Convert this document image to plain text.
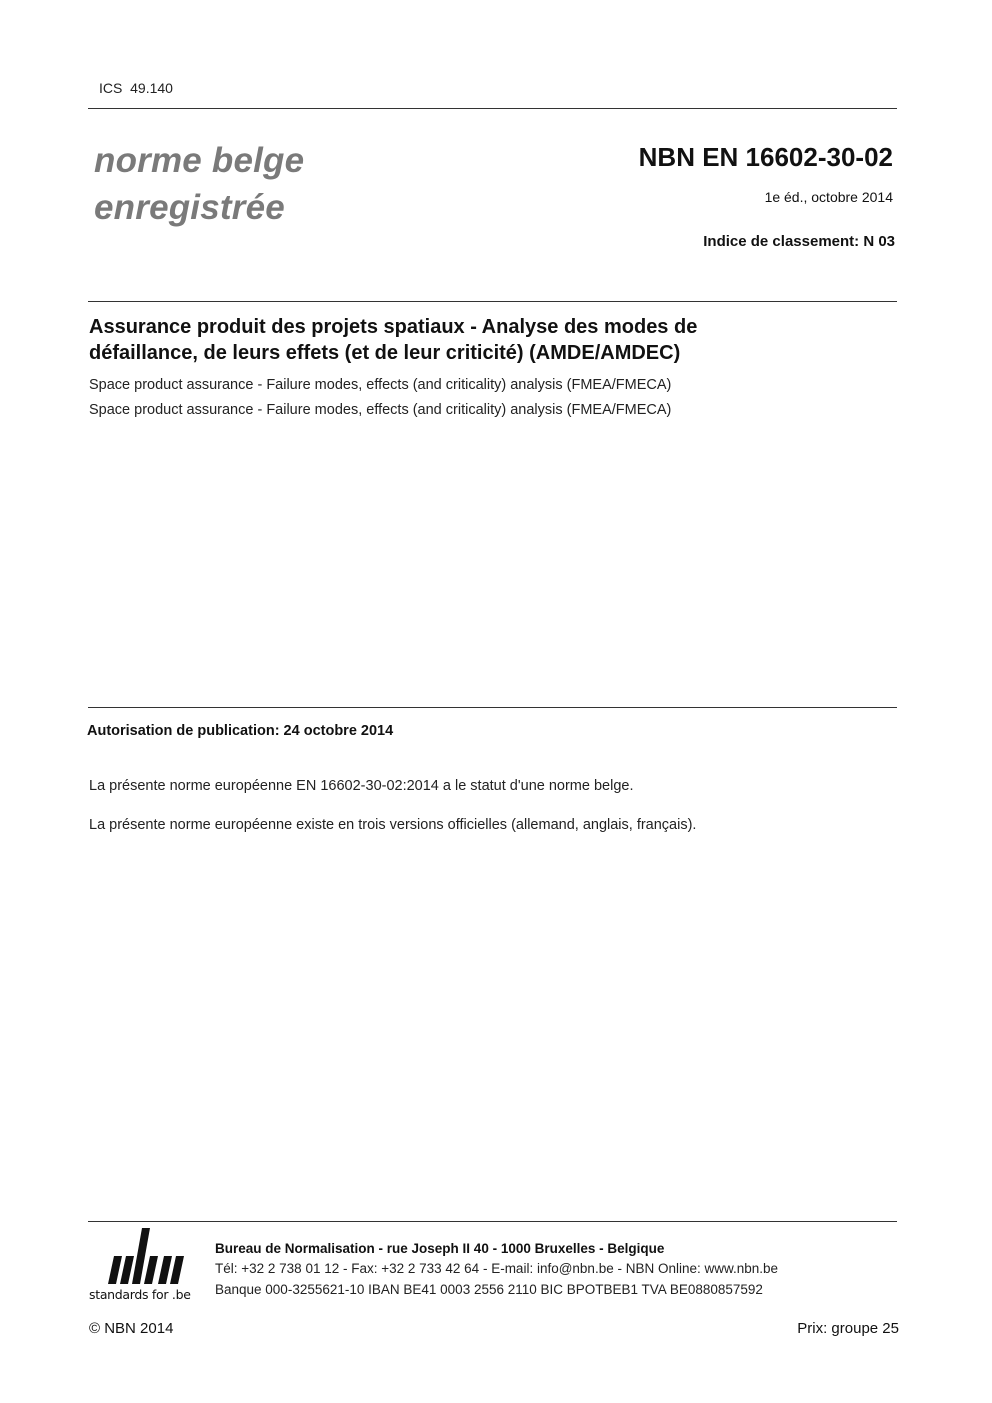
ICS  49.140
norme belge
enregistrée
NBN EN 16602-30-02
1e éd., octobre 2014
Indice de classement: N 03
Assurance produit des projets spatiaux - Analyse des modes de
défaillance, de leurs effets (et de leur criticité) (AMDE/AMDEC)
Space product assurance - Failure modes, effects (and criticality) analysis (FMEA/FMECA)
Space product assurance - Failure modes, effects (and criticality) analysis (FMEA/FMECA)
Autorisation de publication: 24 octobre 2014
La présente norme européenne EN 16602-30-02:2014 a le statut d'une norme belge.
La présente norme européenne existe en trois versions officielles (allemand, anglais, français).
standards for .be
Bureau de Normalisation - rue Joseph II 40 - 1000 Bruxelles - Belgique
Tél: +32 2 738 01 12 - Fax: +32 2 733 42 64 - E-mail: info@nbn.be - NBN Online: www.nbn.be
Banque 000-3255621-10 IBAN BE41 0003 2556 2110 BIC BPOTBEB1 TVA BE0880857592
© NBN 2014	Prix: groupe 25
